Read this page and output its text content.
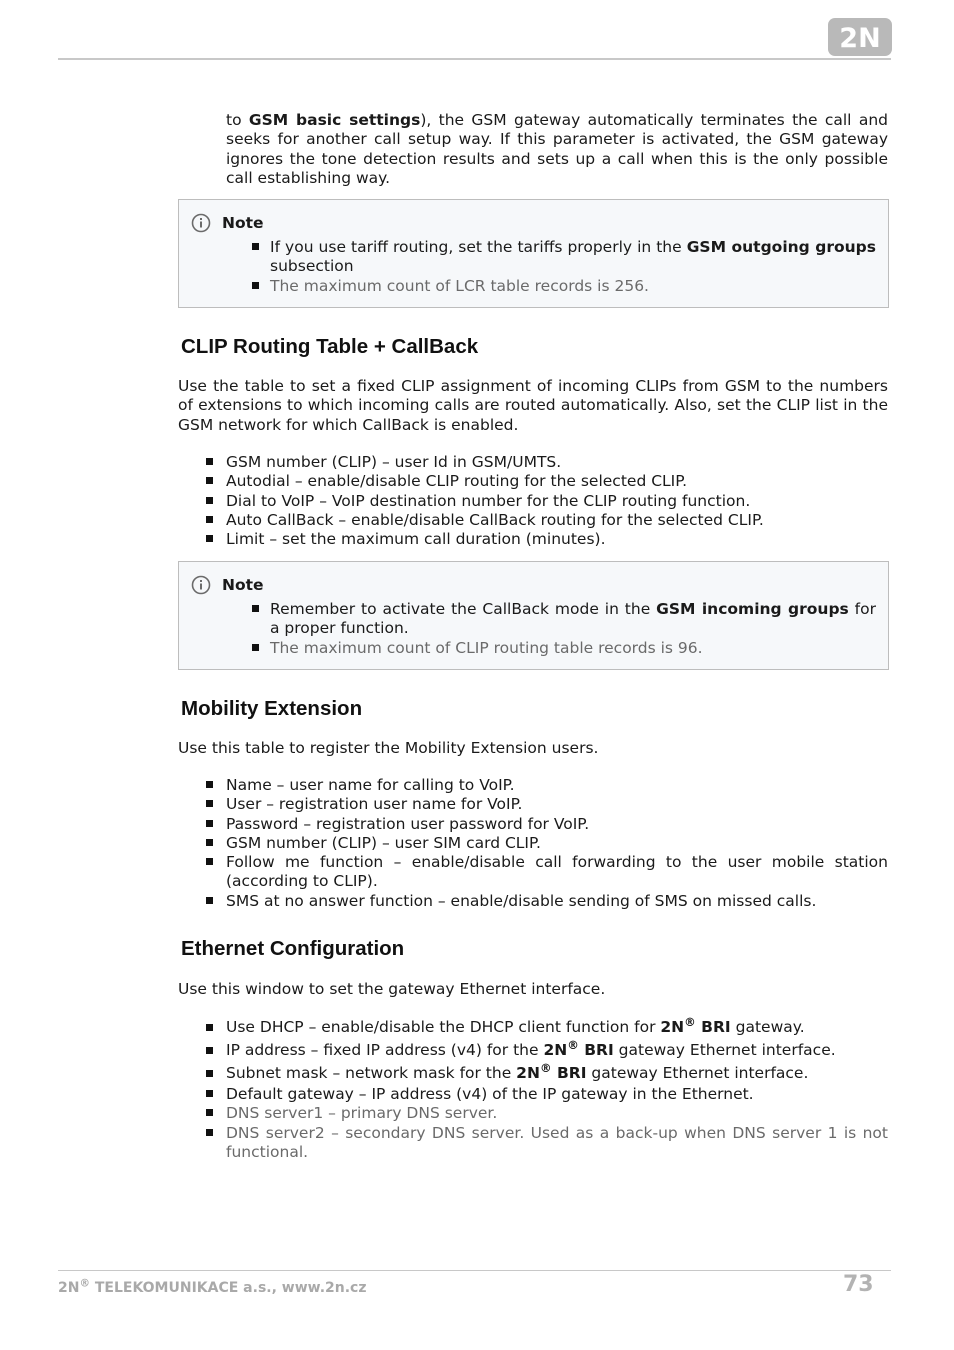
2N
to GSM basic settings), the GSM gateway automatically terminates the call and seeks for another call setup way. If this parameter is activated, the GSM gateway ignores the tone detection results and sets up a call when this is the only possible call establishing way.
Note
If you use tariff routing, set the tariffs properly in the GSM outgoing groups subsection
The maximum count of LCR table records is 256.
CLIP Routing Table + CallBack
Use the table to set a fixed CLIP assignment of incoming CLIPs from GSM to the numbers of extensions to which incoming calls are routed automatically. Also, set the CLIP list in the GSM network for which CallBack is enabled.
GSM number (CLIP) – user Id in GSM/UMTS.
Autodial – enable/disable CLIP routing for the selected CLIP.
Dial to VoIP – VoIP destination number for the CLIP routing function.
Auto CallBack – enable/disable CallBack routing for the selected CLIP.
Limit – set the maximum call duration (minutes).
Note
Remember to activate the CallBack mode in the GSM incoming groups for a proper function.
The maximum count of CLIP routing table records is 96.
Mobility Extension
Use this table to register the Mobility Extension users.
Name – user name for calling to VoIP.
User – registration user name for VoIP.
Password – registration user password for VoIP.
GSM number (CLIP) – user SIM card CLIP.
Follow me function – enable/disable call forwarding to the user mobile station (according to CLIP).
SMS at no answer function – enable/disable sending of SMS on missed calls.
Ethernet Configuration
Use this window to set the gateway Ethernet interface.
Use DHCP – enable/disable the DHCP client function for 2N® BRI gateway.
IP address – fixed IP address (v4) for the 2N® BRI gateway Ethernet interface.
Subnet mask – network mask for the 2N® BRI gateway Ethernet interface.
Default gateway – IP address (v4) of the IP gateway in the Ethernet.
DNS server1 – primary DNS server.
DNS server2 – secondary DNS server. Used as a back-up when DNS server 1 is not functional.
2N® TELEKOMUNIKACE a.s., www.2n.cz	73
